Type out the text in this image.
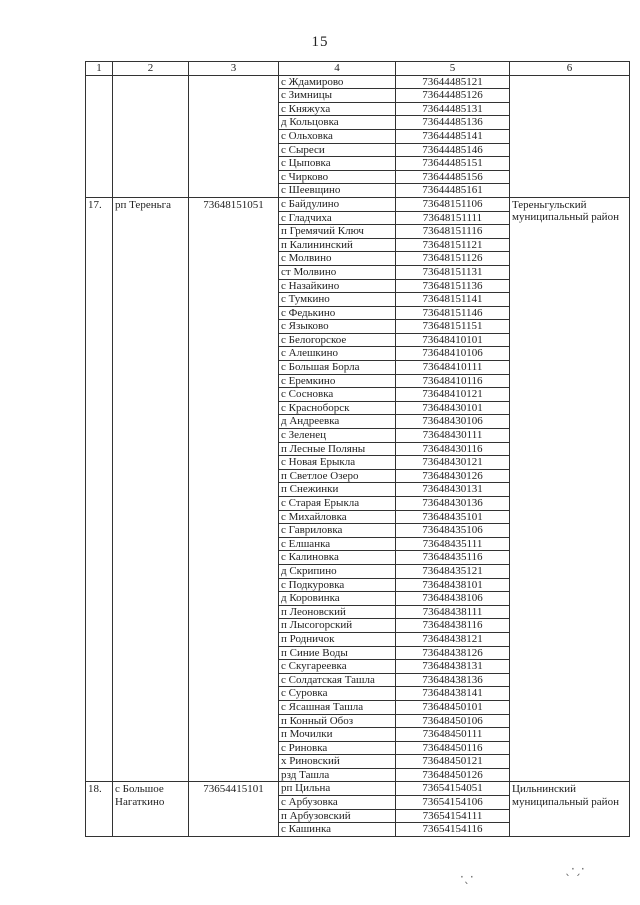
15
1	2	3	4	5	6
			с Ждамирово	73644485121	
			с Зимницы	73644485126	
			с Княжуха	73644485131	
			д Кольцовка	73644485136	
			с Ольховка	73644485141	
			с Сыреси	73644485146	
			с Цыповка	73644485151	
			с Чирково	73644485156	
			с Шеевщино	73644485161	
17.	рп Тереньга	73648151051	с Байдулино	73648151106	Тереньгульский муниципальный район
			с Гладчиха	73648151111	
			п Гремячий Ключ	73648151116	
			п Калининский	73648151121	
			с Молвино	73648151126	
			ст Молвино	73648151131	
			с Назайкино	73648151136	
			с Тумкино	73648151141	
			с Федькино	73648151146	
			с Языково	73648151151	
			с Белогорское	73648410101	
			с Алешкино	73648410106	
			с Большая Борла	73648410111	
			с Еремкино	73648410116	
			с Сосновка	73648410121	
			с Красноборск	73648430101	
			д Андреевка	73648430106	
			с Зеленец	73648430111	
			п Лесные Поляны	73648430116	
			с Новая Ерыкла	73648430121	
			п Светлое Озеро	73648430126	
			п Снежинки	73648430131	
			с Старая Ерыкла	73648430136	
			с Михайловка	73648435101	
			с Гавриловка	73648435106	
			с Елшанка	73648435111	
			с Калиновка	73648435116	
			д Скрипино	73648435121	
			с Подкуровка	73648438101	
			д Коровинка	73648438106	
			п Леоновский	73648438111	
			п Лысогорский	73648438116	
			п Родничок	73648438121	
			п Синие Воды	73648438126	
			с Скугареевка	73648438131	
			с Солдатская Ташла	73648438136	
			с Суровка	73648438141	
			с Ясашная Ташла	73648450101	
			п Конный Обоз	73648450106	
			п Мочилки	73648450111	
			с Риновка	73648450116	
			х Риновский	73648450121	
			рзд Ташла	73648450126	
18.	с Большое Нагаткино	73654415101	рп Цильна	73654154051	Цильнинский муниципальный район
			с Арбузовка	73654154106	
			п Арбузовский	73654154111	
			с Кашинка	73654154116	
·ˎ·
ˎ·ˏ·
